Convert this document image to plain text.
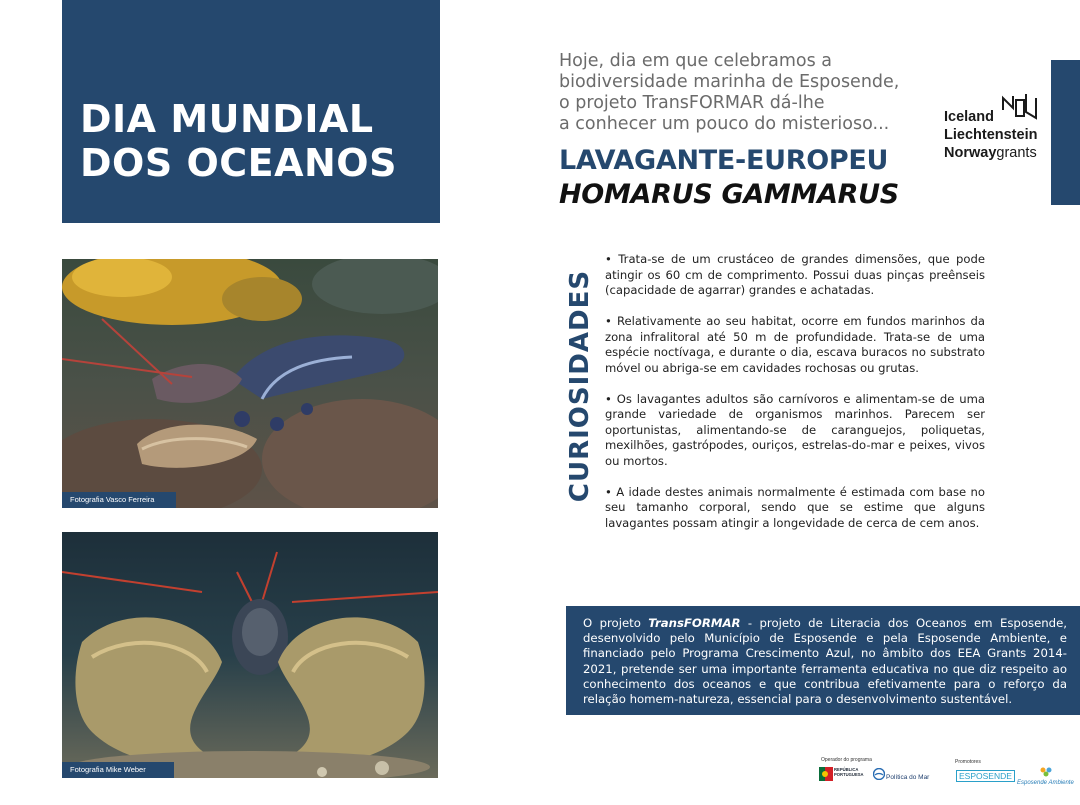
DIA MUNDIAL
DOS OCEANOS
Hoje, dia em que celebramos a
biodiversidade marinha de Esposende,
o projeto TransFORMAR dá-lhe
a conhecer um pouco do misterioso...
LAVAGANTE-EUROPEU
HOMARUS GAMMARUS
Iceland
Liechtenstein
Norwaygrants
Fotografia Vasco Ferreira
Fotografia Mike Weber
CURIOSIDADES

• Trata-se de um crustáceo de grandes dimensões, que pode atingir os 60 cm de comprimento. Possui duas pinças preênseis (capacidade de agarrar) grandes e achatadas.

• Relativamente ao seu habitat, ocorre em fundos marinhos da zona infralitoral até 50 m de profundidade. Trata-se de uma espécie noctívaga, e durante o dia, escava buracos no substrato móvel ou abriga-se em cavidades rochosas ou grutas.

• Os lavagantes adultos são carnívoros e alimentam-se de uma grande variedade de organismos marinhos. Parecem ser oportunistas, alimentando-se de caranguejos, poliquetas, mexilhões, gastrópodes, ouriços, estrelas-do-mar e peixes, vivos ou mortos.

• A idade destes animais normalmente é estimada com base no seu tamanho corporal, sendo que se estime que alguns lavagantes possam atingir a longevidade de cerca de cem anos.

O projeto TransFORMAR - projeto de Literacia dos Oceanos em Esposende, desenvolvido pelo Município de Esposende e pela Esposende Ambiente, e financiado pelo Programa Crescimento Azul, no âmbito dos EEA Grants 2014-2021, pretende ser uma importante ferramenta educativa no que diz respeito ao conhecimento dos oceanos e que contribua efetivamente para o reforço da relação homem-natureza, essencial para o desenvolvimento sustentável.
Operador do programa	Promotores
REPÚBLICA PORTUGUESA	Política do Mar	ESPOSENDE
Esposende Ambiente
